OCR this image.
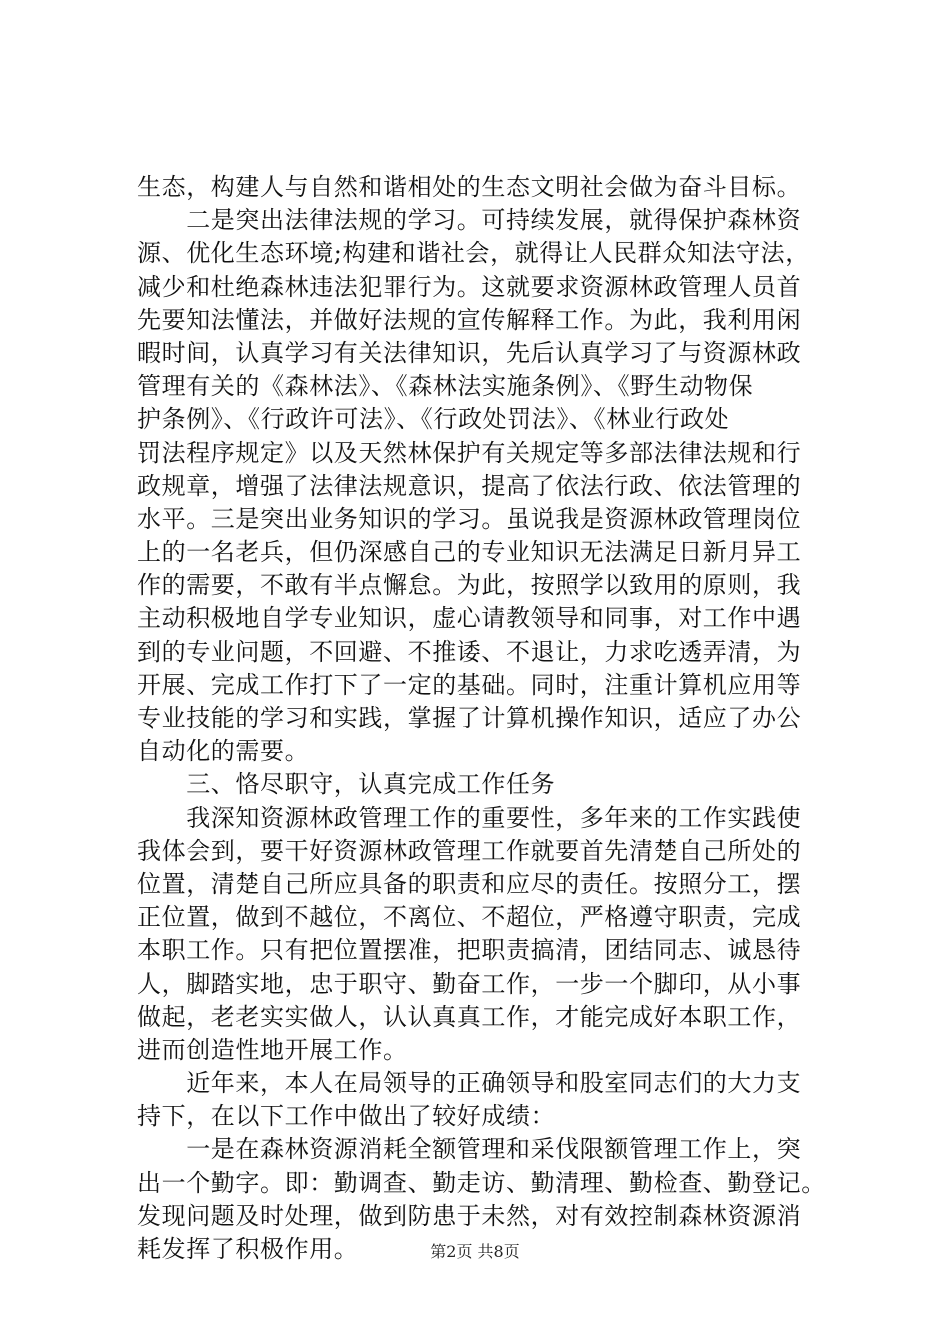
生态，构建人与自然和谐相处的生态文明社会做为奋斗目标。
　　二是突出法律法规的学习。可持续发展，就得保护森林资
源、优化生态环境;构建和谐社会，就得让人民群众知法守法，
减少和杜绝森林违法犯罪行为。这就要求资源林政管理人员首
先要知法懂法，并做好法规的宣传解释工作。为此，我利用闲
暇时间，认真学习有关法律知识，先后认真学习了与资源林政
管理有关的《森林法》、《森林法实施条例》、《野生动物保
护条例》、《行政许可法》、《行政处罚法》、《林业行政处
罚法程序规定》以及天然林保护有关规定等多部法律法规和行
政规章，增强了法律法规意识，提高了依法行政、依法管理的
水平。三是突出业务知识的学习。虽说我是资源林政管理岗位
上的一名老兵，但仍深感自己的专业知识无法满足日新月异工
作的需要，不敢有半点懈怠。为此，按照学以致用的原则，我
主动积极地自学专业知识，虚心请教领导和同事，对工作中遇
到的专业问题，不回避、不推诿、不退让，力求吃透弄清，为
开展、完成工作打下了一定的基础。同时，注重计算机应用等
专业技能的学习和实践，掌握了计算机操作知识，适应了办公
自动化的需要。
　　三、恪尽职守，认真完成工作任务
　　我深知资源林政管理工作的重要性，多年来的工作实践使
我体会到，要干好资源林政管理工作就要首先清楚自己所处的
位置，清楚自己所应具备的职责和应尽的责任。按照分工，摆
正位置，做到不越位，不离位、不超位，严格遵守职责，完成
本职工作。只有把位置摆准，把职责搞清，团结同志、诚恳待
人，脚踏实地，忠于职守、勤奋工作，一步一个脚印，从小事
做起，老老实实做人，认认真真工作，才能完成好本职工作，
进而创造性地开展工作。
　　近年来，本人在局领导的正确领导和股室同志们的大力支
持下，在以下工作中做出了较好成绩：
　　一是在森林资源消耗全额管理和采伐限额管理工作上，突
出一个勤字。即：勤调查、勤走访、勤清理、勤检查、勤登记。
发现问题及时处理，做到防患于未然，对有效控制森林资源消
耗发挥了积极作用。	第2页 共8页
